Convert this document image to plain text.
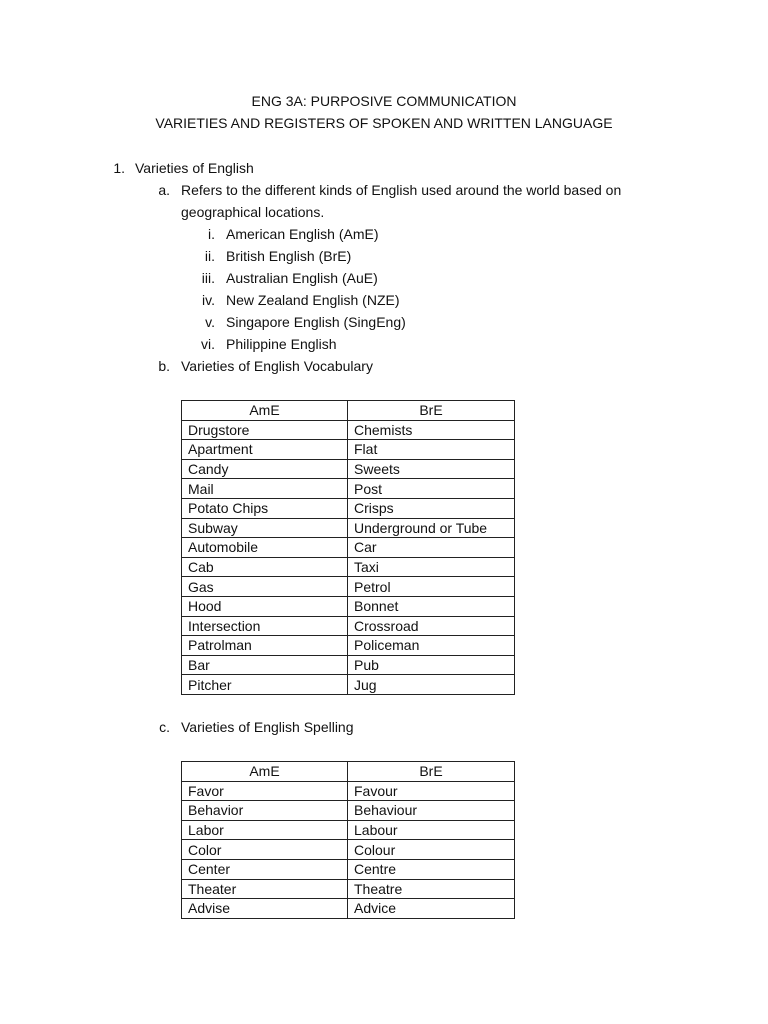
ENG 3A: PURPOSIVE COMMUNICATION
VARIETIES AND REGISTERS OF SPOKEN AND WRITTEN LANGUAGE
1. Varieties of English
a. Refers to the different kinds of English used around the world based on
geographical locations.
i. American English (AmE)
ii. British English (BrE)
iii. Australian English (AuE)
iv. New Zealand English (NZE)
v. Singapore English (SingEng)
vi. Philippine English
b. Varieties of English Vocabulary
AmE	BrE
Drugstore	Chemists
Apartment	Flat
Candy	Sweets
Mail	Post
Potato Chips	Crisps
Subway	Underground or Tube
Automobile	Car
Cab	Taxi
Gas	Petrol
Hood	Bonnet
Intersection	Crossroad
Patrolman	Policeman
Bar	Pub
Pitcher	Jug
c. Varieties of English Spelling
AmE	BrE
Favor	Favour
Behavior	Behaviour
Labor	Labour
Color	Colour
Center	Centre
Theater	Theatre
Advise	Advice
